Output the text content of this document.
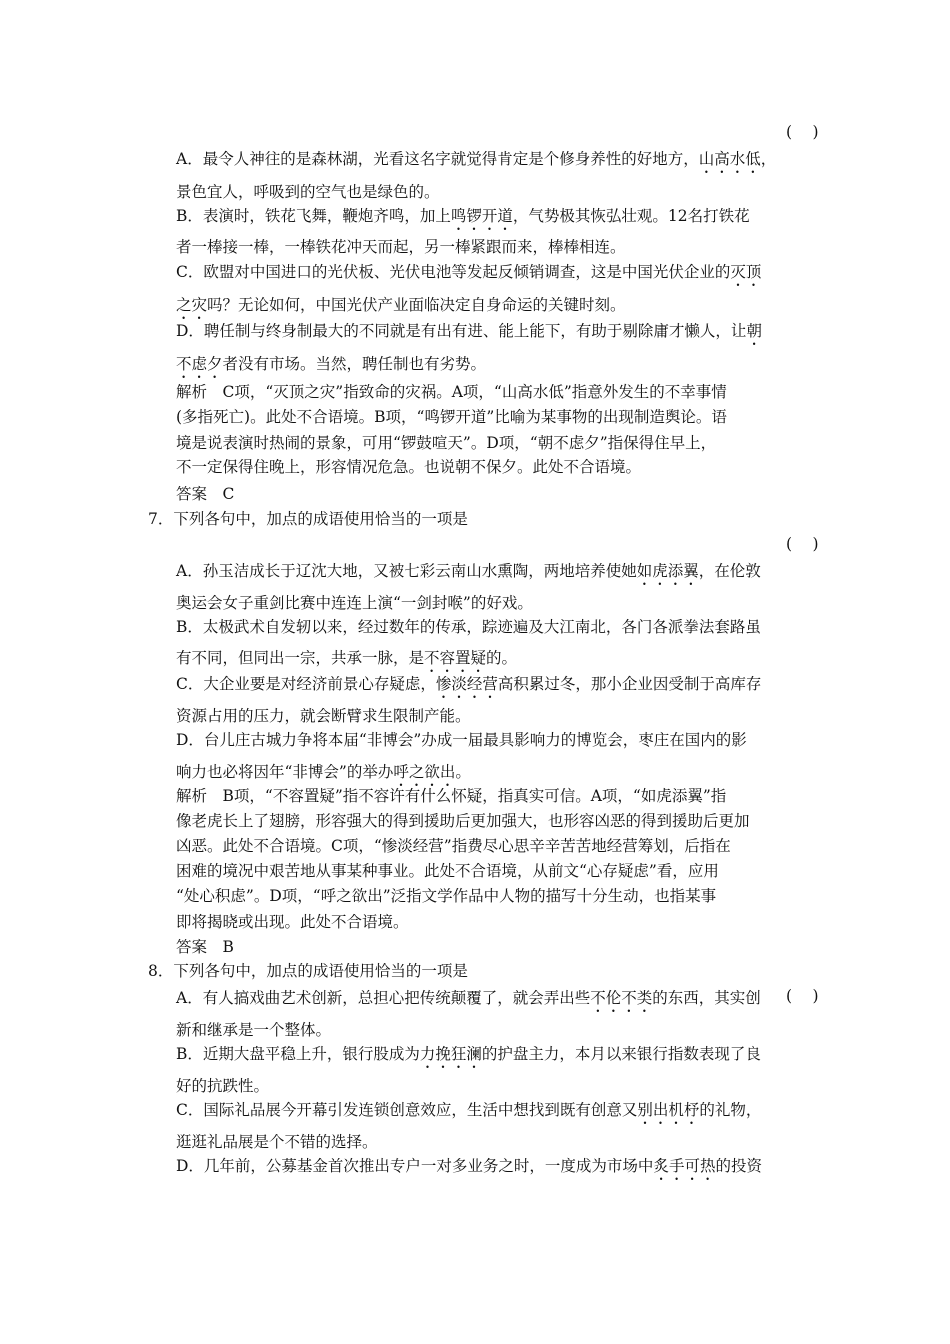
(　 )
A．最令人神往的是森林湖，光看这名字就觉得肯定是个修身养性的好地方，山高水低，
景色宜人，呼吸到的空气也是绿色的。
B．表演时，铁花飞舞，鞭炮齐鸣，加上鸣锣开道，气势极其恢弘壮观。12名打铁花
者一棒接一棒，一棒铁花冲天而起，另一棒紧跟而来，棒棒相连。
C．欧盟对中国进口的光伏板、光伏电池等发起反倾销调查，这是中国光伏企业的灭顶
之灾吗？无论如何，中国光伏产业面临决定自身命运的关键时刻。
D．聘任制与终身制最大的不同就是有出有进、能上能下，有助于剔除庸才懒人，让朝
不虑夕者没有市场。当然，聘任制也有劣势。
解析　C项，“灭顶之灾”指致命的灾祸。A项，“山高水低”指意外发生的不幸事情
(多指死亡)。此处不合语境。B项，“鸣锣开道”比喻为某事物的出现制造舆论。语
境是说表演时热闹的景象，可用“锣鼓喧天”。D项，“朝不虑夕”指保得住早上，
不一定保得住晚上，形容情况危急。也说朝不保夕。此处不合语境。
答案　C
7．下列各句中，加点的成语使用恰当的一项是
(　 )
A．孙玉洁成长于辽沈大地，又被七彩云南山水熏陶，两地培养使她如虎添翼，在伦敦
奥运会女子重剑比赛中连连上演“一剑封喉”的好戏。
B．太极武术自发轫以来，经过数年的传承，踪迹遍及大江南北，各门各派拳法套路虽
有不同，但同出一宗，共承一脉，是不容置疑的。
C．大企业要是对经济前景心存疑虑，惨淡经营高积累过冬，那小企业因受制于高库存
资源占用的压力，就会断臂求生限制产能。
D．台儿庄古城力争将本届“非博会”办成一届最具影响力的博览会，枣庄在国内的影
响力也必将因年“非博会”的举办呼之欲出。
解析　B项，“不容置疑”指不容许有什么怀疑，指真实可信。A项，“如虎添翼”指
像老虎长上了翅膀，形容强大的得到援助后更加强大，也形容凶恶的得到援助后更加
凶恶。此处不合语境。C项，“惨淡经营”指费尽心思辛辛苦苦地经营筹划，后指在
困难的境况中艰苦地从事某种事业。此处不合语境，从前文“心存疑虑”看，应用
“处心积虑”。D项，“呼之欲出”泛指文学作品中人物的描写十分生动，也指某事
即将揭晓或出现。此处不合语境。
答案　B
8．下列各句中，加点的成语使用恰当的一项是
(　 )
A．有人搞戏曲艺术创新，总担心把传统颠覆了，就会弄出些不伦不类的东西，其实创
新和继承是一个整体。
B．近期大盘平稳上升，银行股成为力挽狂澜的护盘主力，本月以来银行指数表现了良
好的抗跌性。
C．国际礼品展今开幕引发连锁创意效应，生活中想找到既有创意又别出机杼的礼物，
逛逛礼品展是个不错的选择。
D．几年前，公募基金首次推出专户一对多业务之时，一度成为市场中炙手可热的投资
